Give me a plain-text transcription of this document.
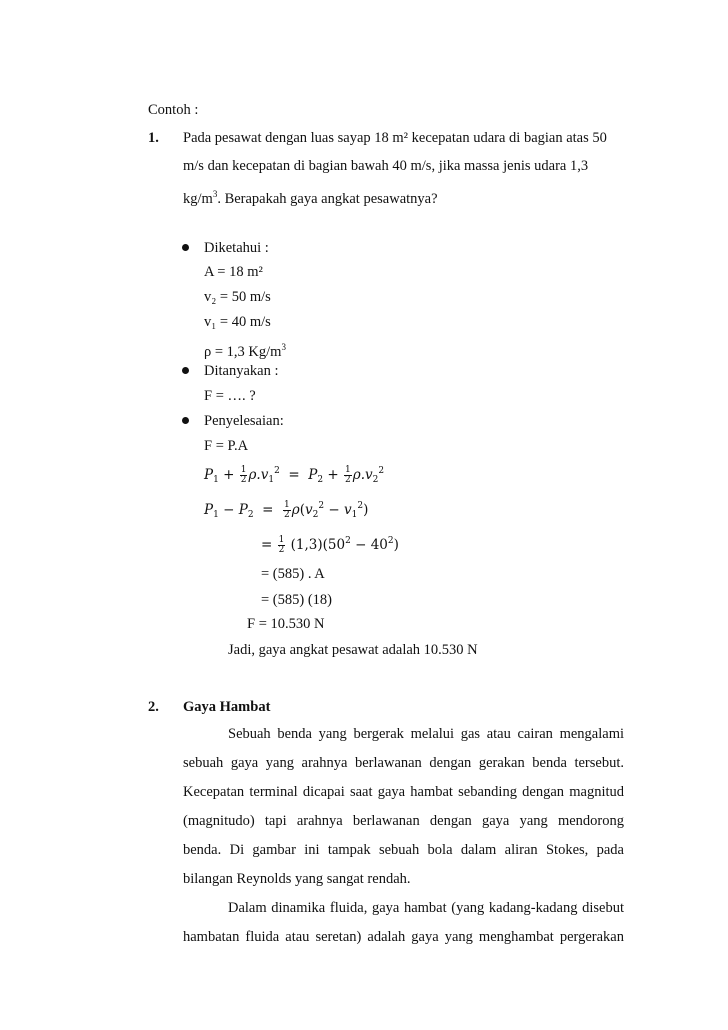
Contoh :
1. Pada pesawat dengan luas sayap 18 m² kecepatan udara di bagian atas 50
m/s dan kecepatan di bagian bawah 40 m/s, jika massa jenis udara 1,3
$kg/m^3$. Berapakah gaya angkat pesawatnya?
Diketahui :
A = 18 m²
v₂ = 50 m/s
v₁ = 40 m/s
ρ = 1,3 $Kg/m^3$
Ditanyakan :
F = …. ?
Penyelesaian:
F = P.A
$P_1 + \frac{1}{2} \rho.v_1^2 = P_2 + \frac{1}{2} \rho.v_2^2$
$P_1 - P_2 = \frac{1}{2} \rho(v_2^2 - v_1^2)$
= $\frac{1}{2} (1,3)(50^2 - 40^2)$
= (585) . A
= (585) (18)
F = 10.530 N
Jadi, gaya angkat pesawat adalah 10.530 N
2. Gaya Hambat
Sebuah benda yang bergerak melalui gas atau cairan mengalami
sebuah gaya yang arahnya berlawanan dengan gerakan benda tersebut.
Kecepatan terminal dicapai saat gaya hambat sebanding dengan magnitud
(magnitudo) tapi arahnya berlawanan dengan gaya yang mendorong
benda. Di gambar ini tampak sebuah bola dalam aliran Stokes, pada
bilangan Reynolds yang sangat rendah.
Dalam dinamika fluida, gaya hambat (yang kadang-kadang disebut
hambatan fluida atau seretan) adalah gaya yang menghambat pergerakan
